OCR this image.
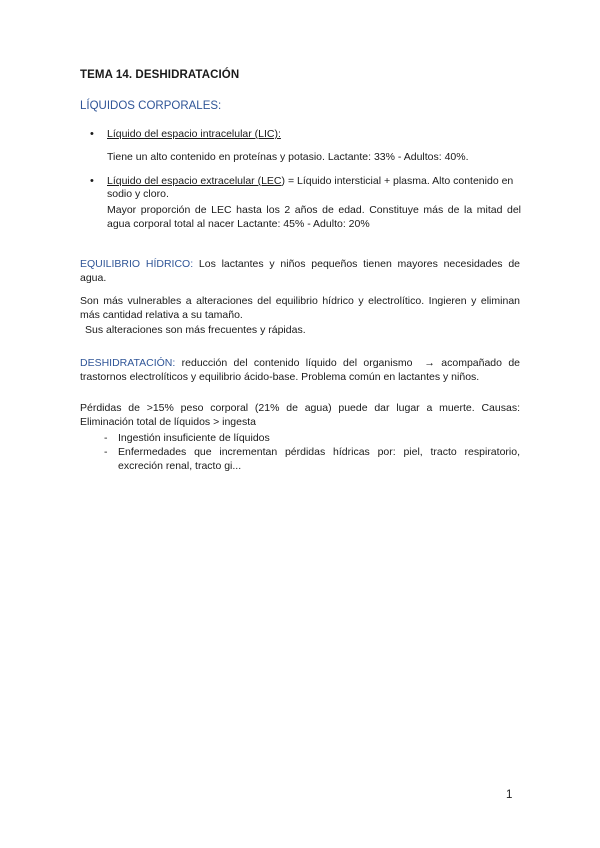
TEMA 14. DESHIDRATACIÓN
LÍQUIDOS CORPORALES:
• Líquido del espacio intracelular (LIC):
Tiene un alto contenido en proteínas y potasio. Lactante: 33% - Adultos: 40%.
• Líquido del espacio extracelular (LEC) = Líquido intersticial + plasma. Alto contenido en sodio y cloro.
Mayor proporción de LEC hasta los 2 años de edad. Constituye más de la mitad del agua corporal total al nacer Lactante: 45% - Adulto: 20%
EQUILIBRIO HÍDRICO: Los lactantes y niños pequeños tienen mayores necesidades de agua.
Son más vulnerables a alteraciones del equilibrio hídrico y electrolítico. Ingieren y eliminan más cantidad relativa a su tamaño.
Sus alteraciones son más frecuentes y rápidas.
DESHIDRATACIÓN: reducción del contenido líquido del organismo → acompañado de trastornos electrolíticos y equilibrio ácido-base. Problema común en lactantes y niños.
Pérdidas de >15% peso corporal (21% de agua) puede dar lugar a muerte. Causas: Eliminación total de líquidos > ingesta
- Ingestión insuficiente de líquidos
- Enfermedades que incrementan pérdidas hídricas por: piel, tracto respiratorio, excreción renal, tracto gi...
1
